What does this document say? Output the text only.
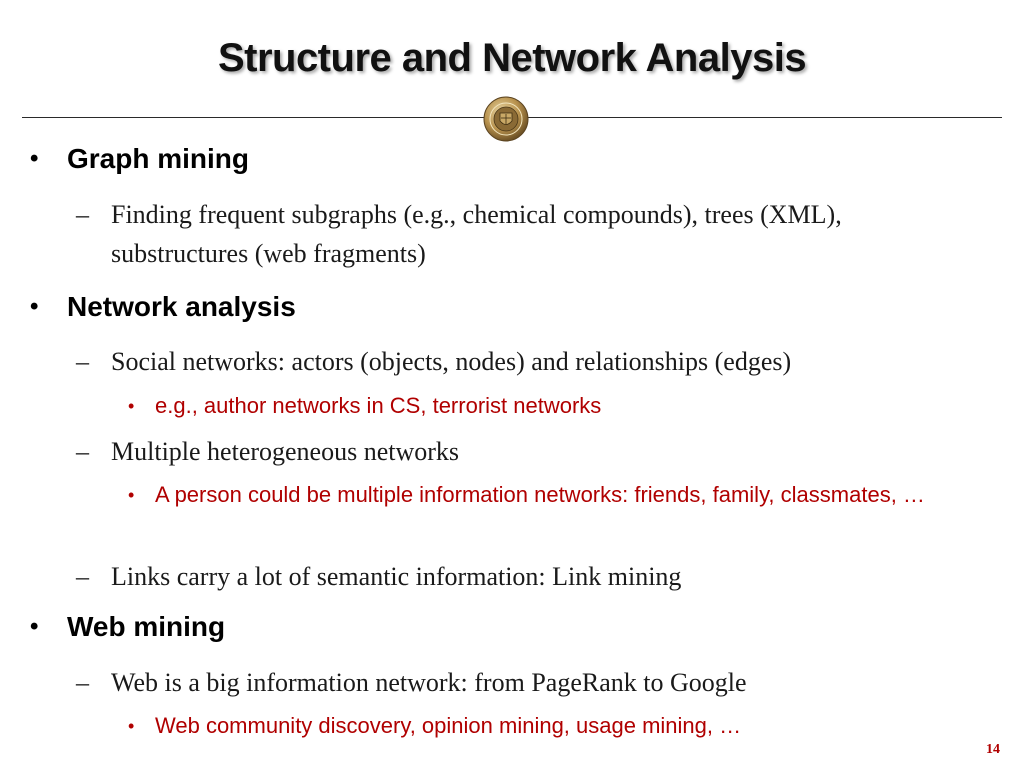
Structure and Network Analysis
• Graph mining
– Finding frequent subgraphs (e.g., chemical compounds), trees (XML), substructures (web fragments)
• Network analysis
– Social networks: actors (objects, nodes) and relationships (edges)
• e.g., author networks in CS, terrorist networks
– Multiple heterogeneous networks
• A person could be multiple information networks: friends, family, classmates, …
– Links carry a lot of semantic information: Link mining
• Web mining
– Web is a big information network: from PageRank to Google
• Web community discovery, opinion mining, usage mining, …
14
